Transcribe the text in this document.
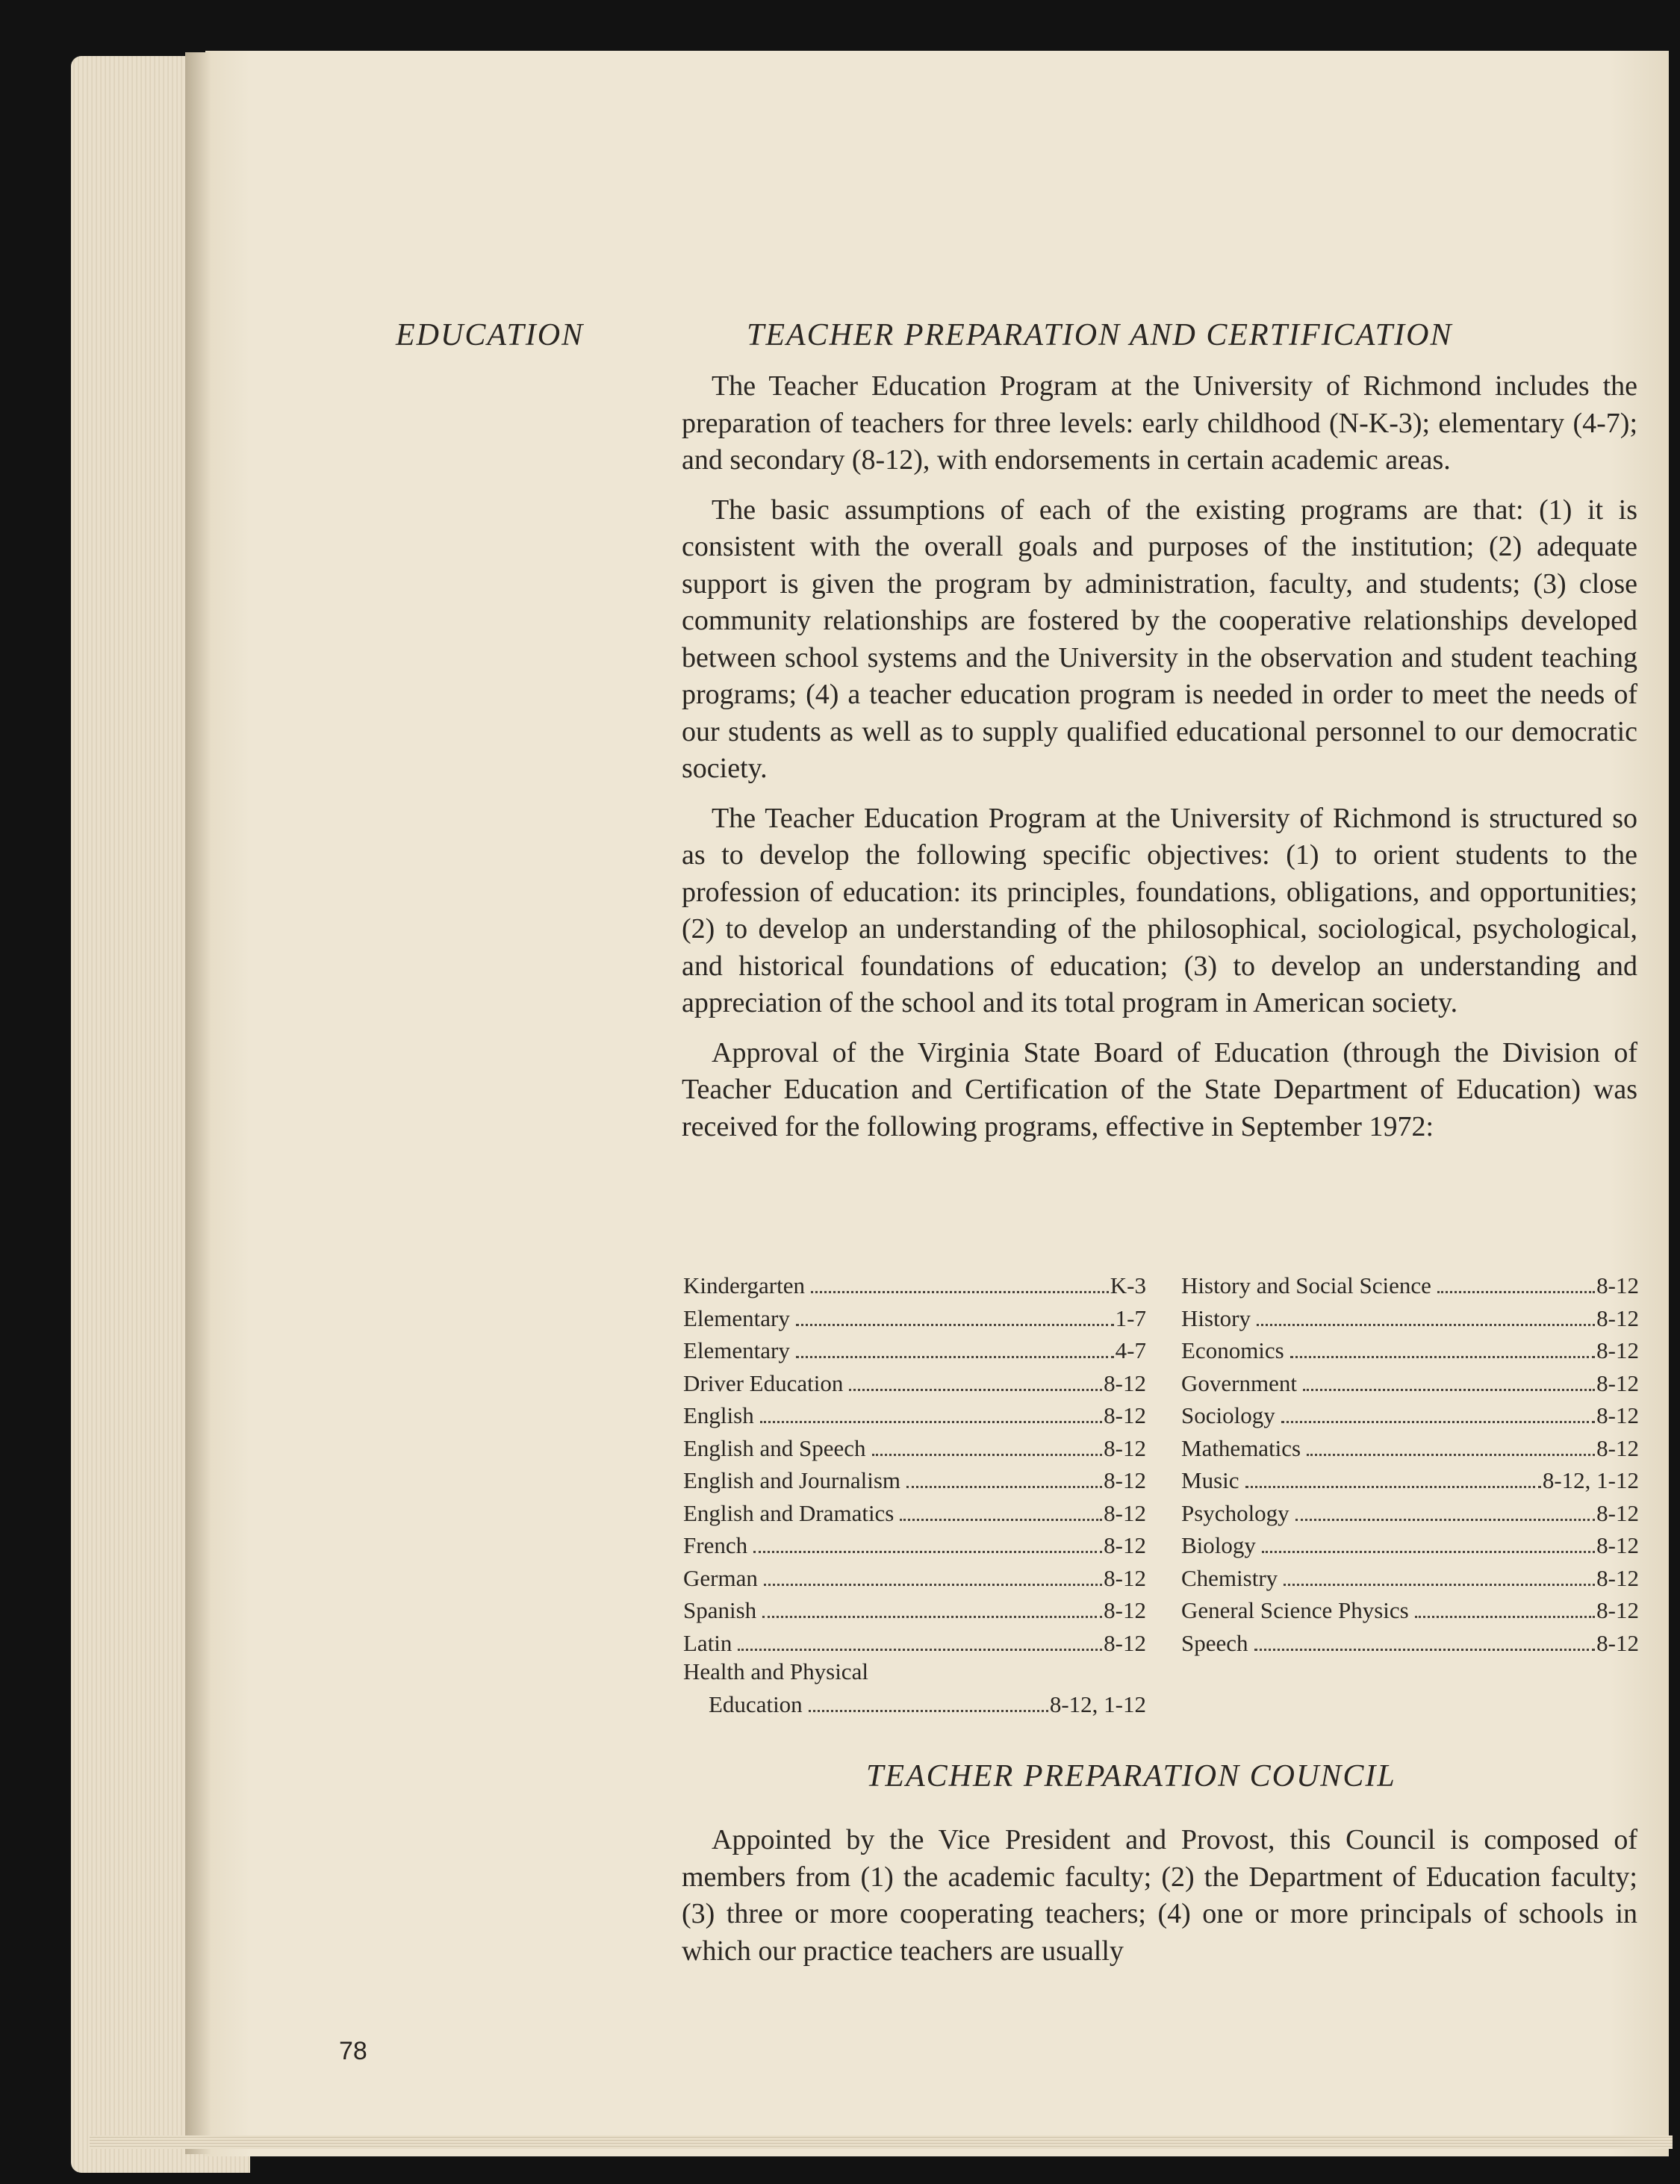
EDUCATION	TEACHER PREPARATION AND CERTIFICATION

The Teacher Education Program at the University of Richmond includes the preparation of teachers for three levels: early childhood (N-K-3); elementary (4-7); and secondary (8-12), with endorsements in certain academic areas.

The basic assumptions of each of the existing programs are that: (1) it is consistent with the overall goals and purposes of the institution; (2) adequate support is given the program by administration, faculty, and students; (3) close community relationships are fostered by the cooperative relationships developed between school systems and the University in the observation and student teaching programs; (4) a teacher education program is needed in order to meet the needs of our students as well as to supply qualified educational personnel to our democratic society.

The Teacher Education Program at the University of Richmond is structured so as to develop the following specific objectives: (1) to orient students to the profession of education: its principles, foundations, obligations, and opportunities; (2) to develop an understanding of the philosophical, sociological, psychological, and historical foundations of education; (3) to develop an understanding and appreciation of the school and its total program in American society.

Approval of the Virginia State Board of Education (through the Division of Teacher Education and Certification of the State Department of Education) was received for the following programs, effective in September 1972:

Kindergarten	K-3
Elementary	1-7
Elementary	4-7
Driver Education	8-12
English	8-12
English and Speech	8-12
English and Journalism	8-12
English and Dramatics	8-12
French	8-12
German	8-12
Spanish	8-12
Latin	8-12
Health and Physical
Education	8-12, 1-12
History and Social Science	8-12
History	8-12
Economics	8-12
Government	8-12
Sociology	8-12
Mathematics	8-12
Music	8-12, 1-12
Psychology	8-12
Biology	8-12
Chemistry	8-12
General Science Physics	8-12
Speech	8-12
TEACHER PREPARATION COUNCIL

Appointed by the Vice President and Provost, this Council is composed of members from (1) the academic faculty; (2) the Department of Education faculty; (3) three or more cooperating teachers; (4) one or more principals of schools in which our practice teachers are usually

78
